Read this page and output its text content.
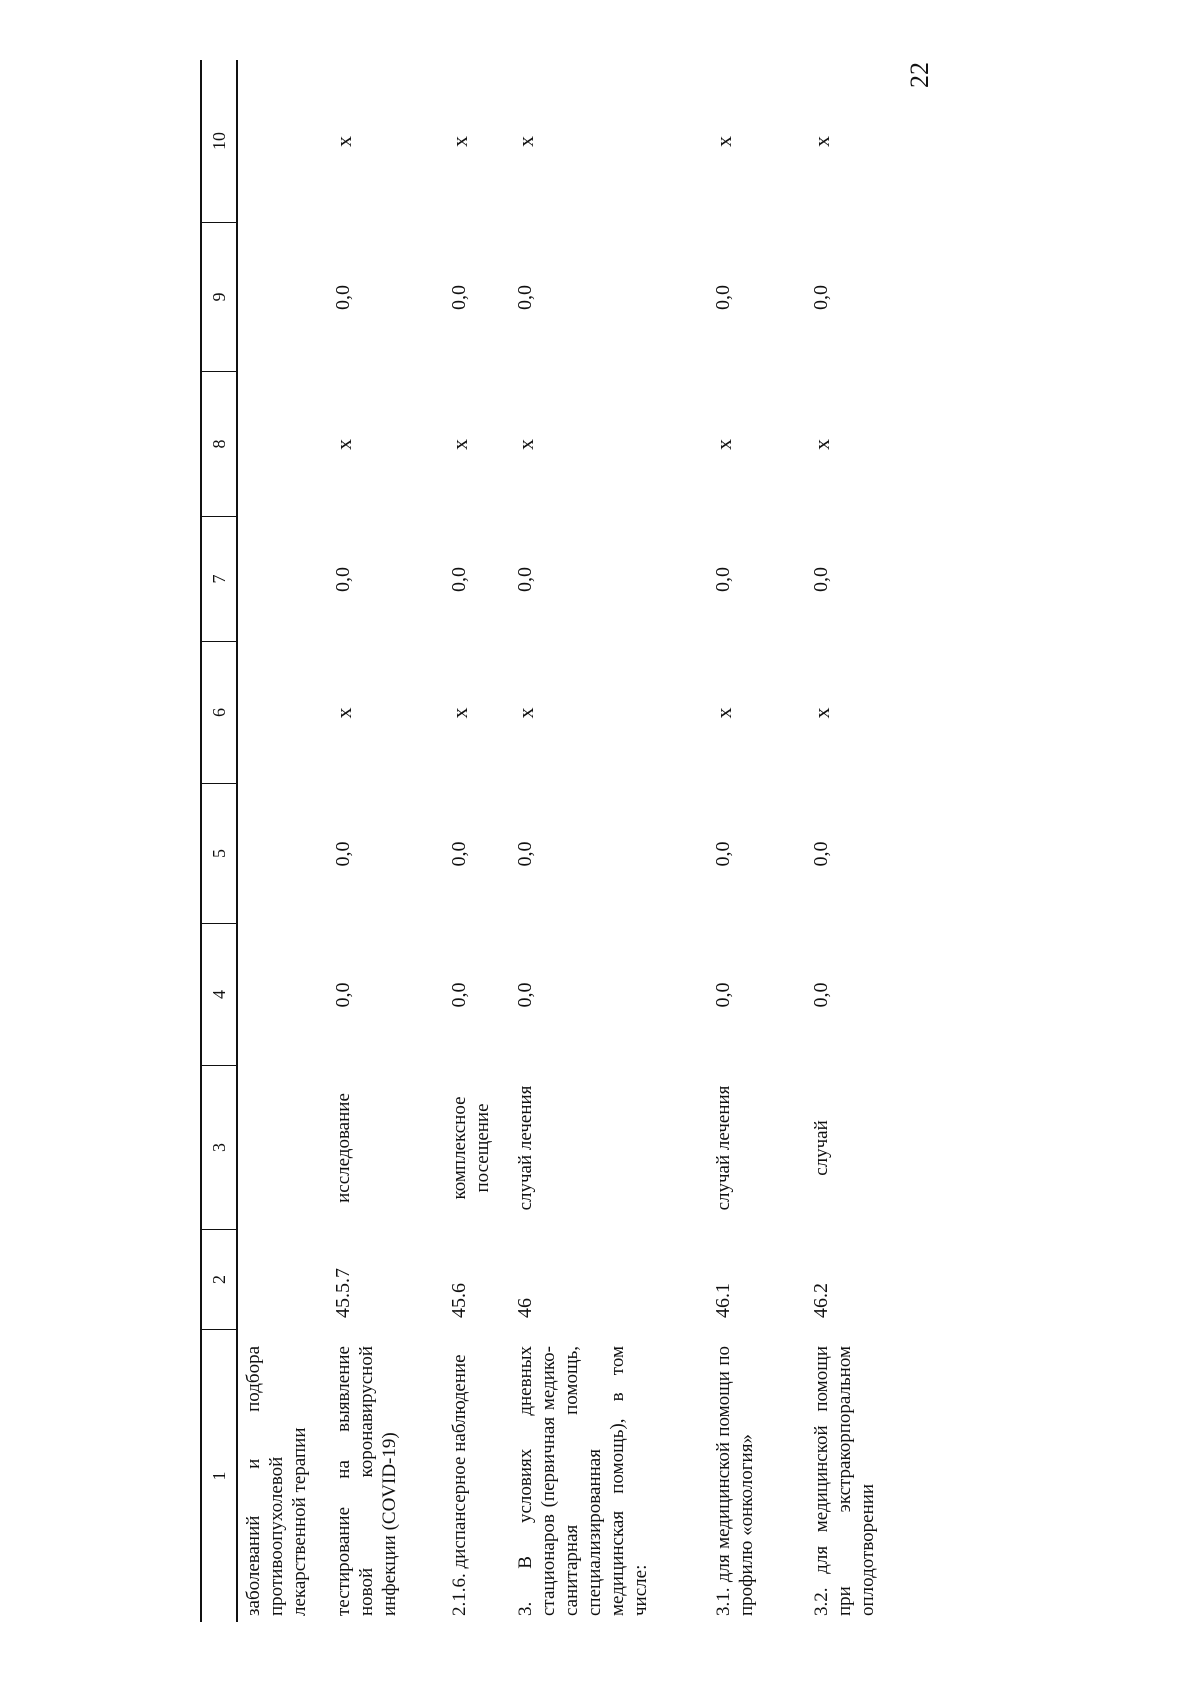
22
1
2
3
4
5
6
7
8
9
10
заболеваний и подбора противоопухолевой лекарственной терапии тестирование на выявление новой коронавирусной инфекции (COVID-19)
45.5.7
исследование
0,0
0,0
x
0,0
x
0,0
x
2.1.6. диспансерное наблюдение
45.6
комплексное посещение
0,0
0,0
x
0,0
x
0,0
x
3. В условиях дневных стационаров (первичная медико-санитарная помощь, специализированная медицинская помощь), в том числе:
46
случай лечения
0,0
0,0
x
0,0
x
0,0
x
3.1. для медицинской помощи по профилю «онкология»
46.1
случай лечения
0,0
0,0
x
0,0
x
0,0
x
3.2. для медицинской помощи при экстракорпоральном оплодотворении
46.2
случай
0,0
0,0
x
0,0
x
0,0
x
